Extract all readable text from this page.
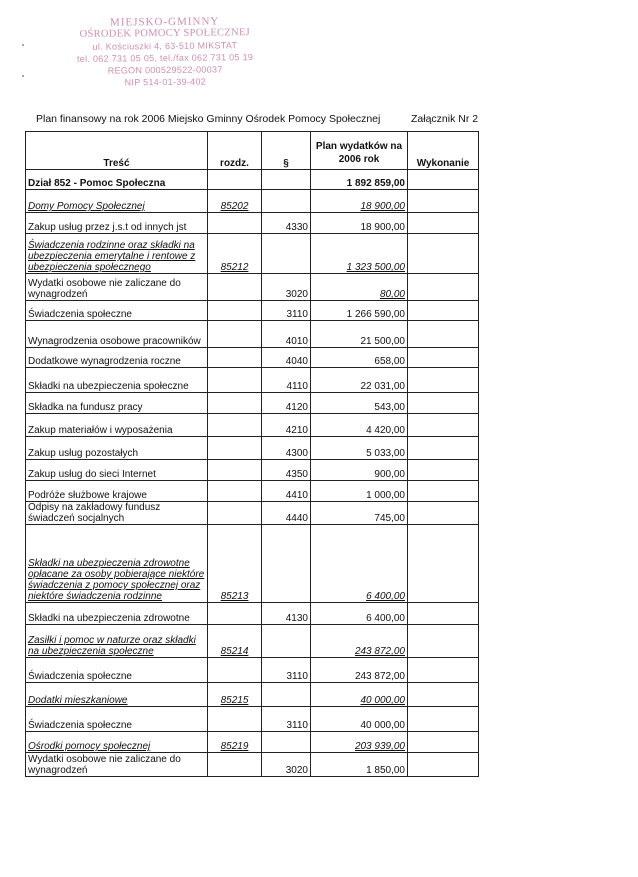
MIEJSKO-GMINNY
OŚRODEK POMOCY SPOŁECZNEJ
ul. Kościuszki 4, 63-510 MIKSTAT
tel. 062 731 05 05, tel./fax 062 731 05 19
REGON 000529522-00037
NIP 514-01-39-402
Plan finansowy na rok 2006 Miejsko Gminny Ośrodek Pomocy Społecznej	Załącznik Nr 2
Treść	rozdz.	§	Plan wydatków na 2006 rok	Wykonanie
Dział 852 - Pomoc Społeczna			1 892 859,00	
Domy Pomocy Społecznej	85202		18 900,00	
Zakup usług przez j.s.t od innych jst		4330	18 900,00	
Świadczenia rodzinne oraz składki na ubezpieczenia emerytalne i rentowe z ubezpieczenia społecznego	85212		1 323 500,00	
Wydatki osobowe nie zaliczane do wynagrodzeń		3020	80,00	
Świadczenia społeczne		3110	1 266 590,00	
Wynagrodzenia osobowe pracowników		4010	21 500,00	
Dodatkowe wynagrodzenia roczne		4040	658,00	
Składki na ubezpieczenia społeczne		4110	22 031,00	
Składka na fundusz pracy		4120	543,00	
Zakup materiałów i wyposażenia		4210	4 420,00	
Zakup usług pozostałych		4300	5 033,00	
Zakup usług do sieci Internet		4350	900,00	
Podróże służbowe krajowe		4410	1 000,00	
Odpisy na zakładowy fundusz świadczeń socjalnych		4440	745,00	
Składki na ubezpieczenia zdrowotne opłacane za osoby pobierające niektóre świadczenia z pomocy społecznej oraz niektóre świadczenia rodzinne	85213		6 400,00	
Składki na ubezpieczenia zdrowotne		4130	6 400,00	
Zasiłki i pomoc w naturze oraz składki na ubezpieczenia społeczne	85214		243 872,00	
Świadczenia społeczne		3110	243 872,00	
Dodatki mieszkaniowe	85215		40 000,00	
Świadczenia społeczne		3110	40 000,00	
Ośrodki pomocy społecznej	85219		203 939,00	
Wydatki osobowe nie zaliczane do wynagrodzeń		3020	1 850,00	
